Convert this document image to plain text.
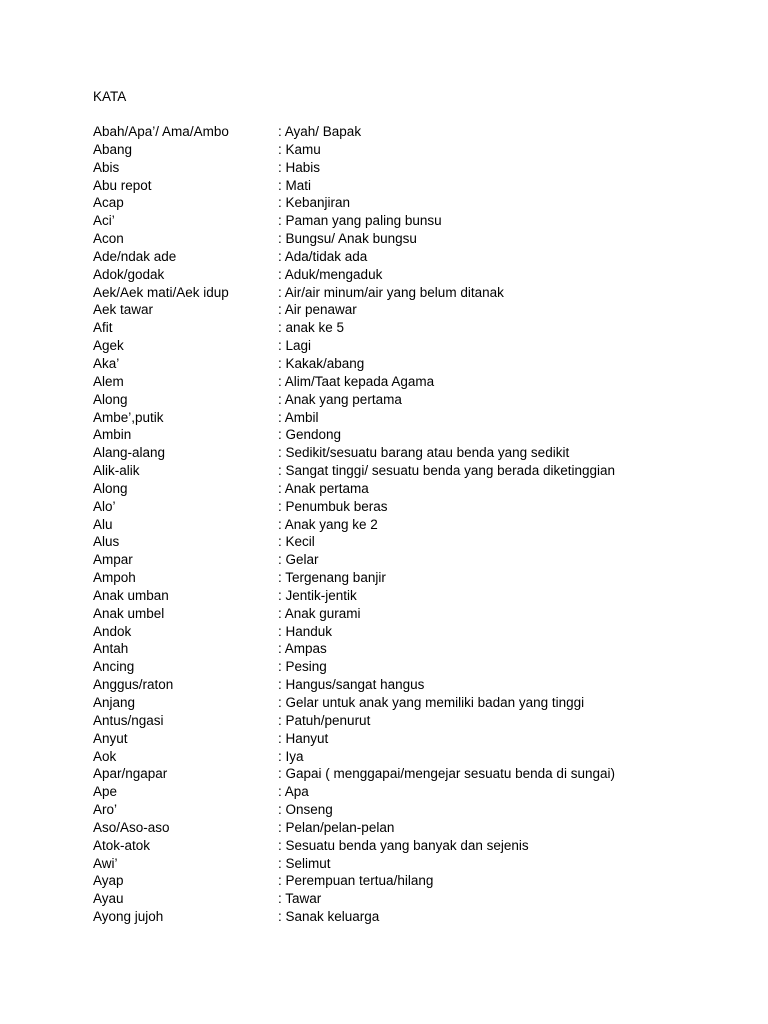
KATA
Abah/Apa’/ Ama/Ambo	: Ayah/ Bapak
Abang	: Kamu
Abis	: Habis
Abu repot	: Mati
Acap	: Kebanjiran
Aci’	: Paman yang paling bunsu
Acon	: Bungsu/ Anak bungsu
Ade/ndak ade	: Ada/tidak ada
Adok/godak	: Aduk/mengaduk
Aek/Aek mati/Aek idup	: Air/air minum/air yang belum ditanak
Aek tawar	: Air penawar
Afit	: anak ke 5
Agek	: Lagi
Aka’	: Kakak/abang
Alem	: Alim/Taat kepada Agama
Along	: Anak yang pertama
Ambe’,putik	: Ambil
Ambin	: Gendong
Alang-alang	: Sedikit/sesuatu barang atau benda yang sedikit
Alik-alik	: Sangat tinggi/ sesuatu benda yang berada diketinggian
Along	: Anak pertama
Alo’	: Penumbuk beras
Alu	: Anak yang ke 2
Alus	: Kecil
Ampar	: Gelar
Ampoh	: Tergenang banjir
Anak umban	: Jentik-jentik
Anak umbel	: Anak gurami
Andok	: Handuk
Antah	: Ampas
Ancing	: Pesing
Anggus/raton	: Hangus/sangat hangus
Anjang	: Gelar untuk anak yang memiliki badan yang tinggi
Antus/ngasi	: Patuh/penurut
Anyut	: Hanyut
Aok	: Iya
Apar/ngapar	: Gapai ( menggapai/mengejar sesuatu benda di sungai)
Ape	: Apa
Aro’	: Onseng
Aso/Aso-aso	: Pelan/pelan-pelan
Atok-atok	: Sesuatu benda yang banyak dan sejenis
Awi’	: Selimut
Ayap	: Perempuan tertua/hilang
Ayau	: Tawar
Ayong jujoh	: Sanak keluarga
